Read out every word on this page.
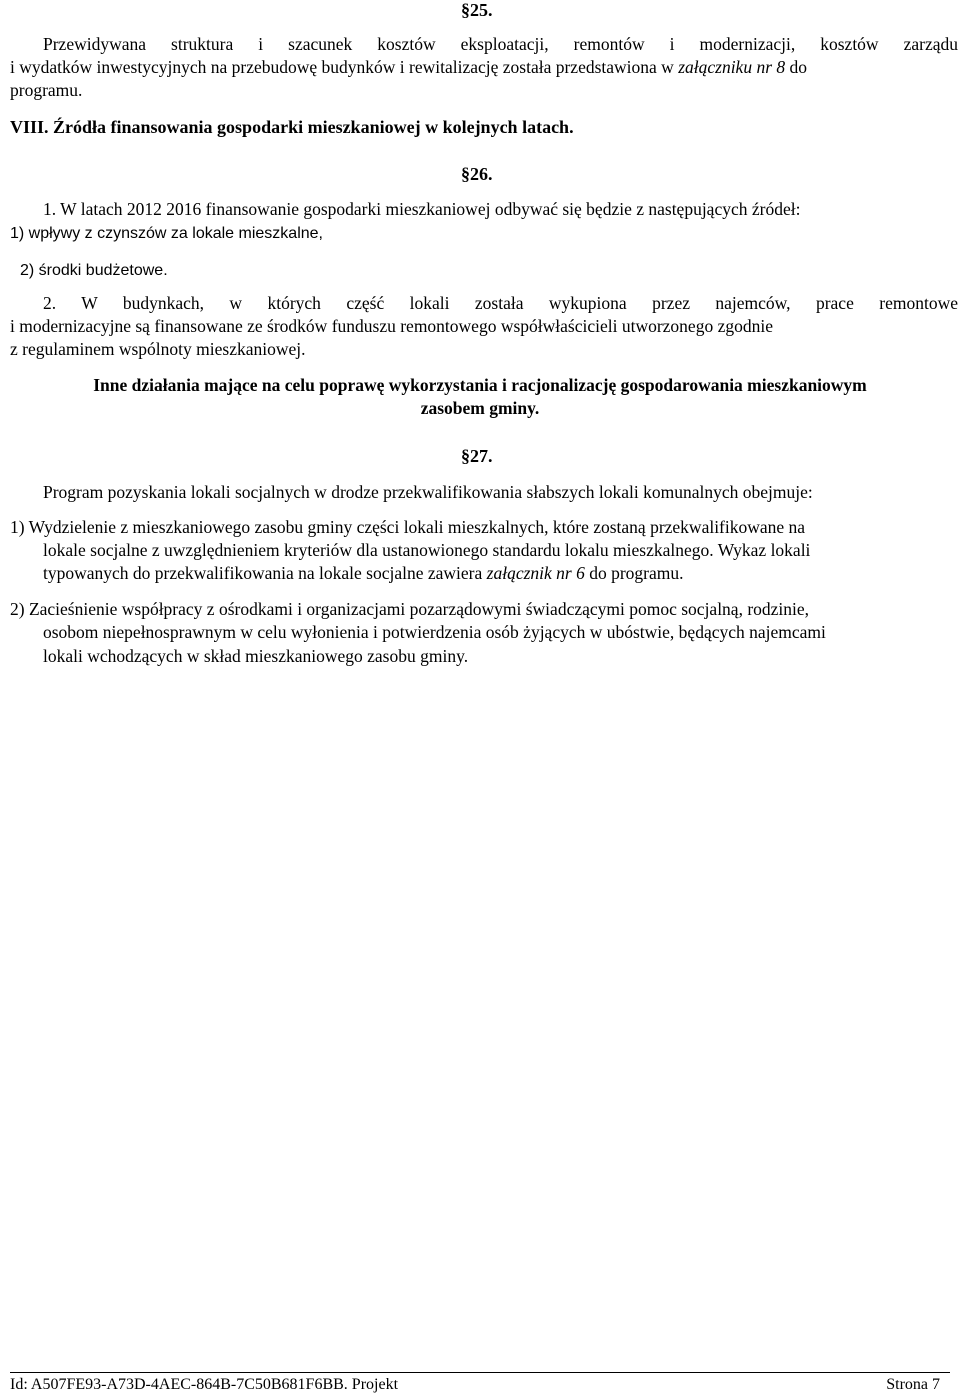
§25.
Przewidywana struktura i szacunek kosztów eksploatacji, remontów i modernizacji, kosztów zarządu
i wydatków inwestycyjnych na przebudowę budynków i rewitalizację została przedstawiona w załączniku nr 8 do
programu.
VIII. Źródła finansowania gospodarki mieszkaniowej w kolejnych latach.
§26.
1. W latach 2012 2016 finansowanie gospodarki mieszkaniowej odbywać się będzie z następujących źródeł:
1) wpływy z czynszów za lokale mieszkalne,
2) środki budżetowe.
2. W budynkach, w których część lokali została wykupiona przez najemców, prace remontowe
i modernizacyjne są finansowane ze środków funduszu remontowego współwłaścicieli utworzonego zgodnie
z regulaminem wspólnoty mieszkaniowej.
Inne działania mające na celu poprawę wykorzystania i racjonalizację gospodarowania mieszkaniowym
zasobem gminy.
§27.
Program pozyskania lokali socjalnych w drodze przekwalifikowania słabszych lokali komunalnych obejmuje:
1) Wydzielenie z mieszkaniowego zasobu gminy części lokali mieszkalnych, które zostaną przekwalifikowane na
lokale socjalne z uwzględnieniem kryteriów dla ustanowionego standardu lokalu mieszkalnego. Wykaz lokali
typowanych do przekwalifikowania na lokale socjalne zawiera załącznik nr 6 do programu.
2) Zacieśnienie współpracy z ośrodkami i organizacjami pozarządowymi świadczącymi pomoc socjalną, rodzinie,
osobom niepełnosprawnym w celu wyłonienia i potwierdzenia osób żyjących w ubóstwie, będących najemcami
lokali wchodzących w skład mieszkaniowego zasobu gminy.
Id: A507FE93-A73D-4AEC-864B-7C50B681F6BB. Projekt	Strona 7
